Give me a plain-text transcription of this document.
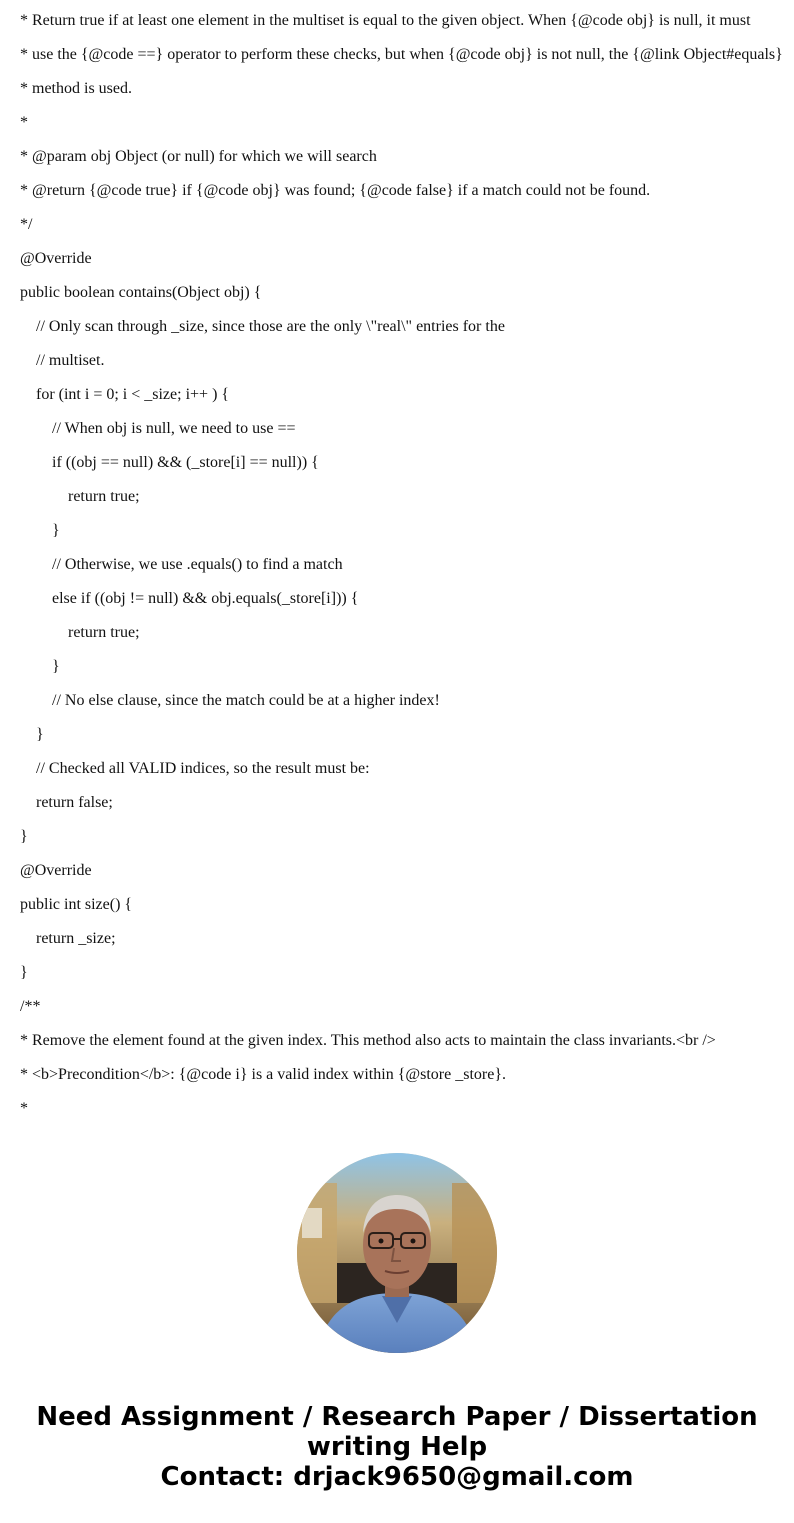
* Return true if at least one element in the multiset is equal to the given object. When {@code obj} is null, it must
* use the {@code ==} operator to perform these checks, but when {@code obj} is not null, the {@link Object#equals}
* method is used.
*
* @param obj Object (or null) for which we will search
* @return {@code true} if {@code obj} was found; {@code false} if a match could not be found.
*/
@Override
public boolean contains(Object obj) {
// Only scan through _size, since those are the only \"real\" entries for the
// multiset.
for (int i = 0; i < _size; i++ ) {
// When obj is null, we need to use ==
if ((obj == null) && (_store[i] == null)) {
return true;
}
// Otherwise, we use .equals() to find a match
else if ((obj != null) && obj.equals(_store[i])) {
return true;
}
// No else clause, since the match could be at a higher index!
}
// Checked all VALID indices, so the result must be:
return false;
}
@Override
public int size() {
return _size;
}
/**
* Remove the element found at the given index. This method also acts to maintain the class invariants.<br />
* <b>Precondition</b>: {@code i} is a valid index within {@store _store}.
*
Need Assignment / Research Paper / Dissertation
writing Help
Contact: drjack9650@gmail.com
